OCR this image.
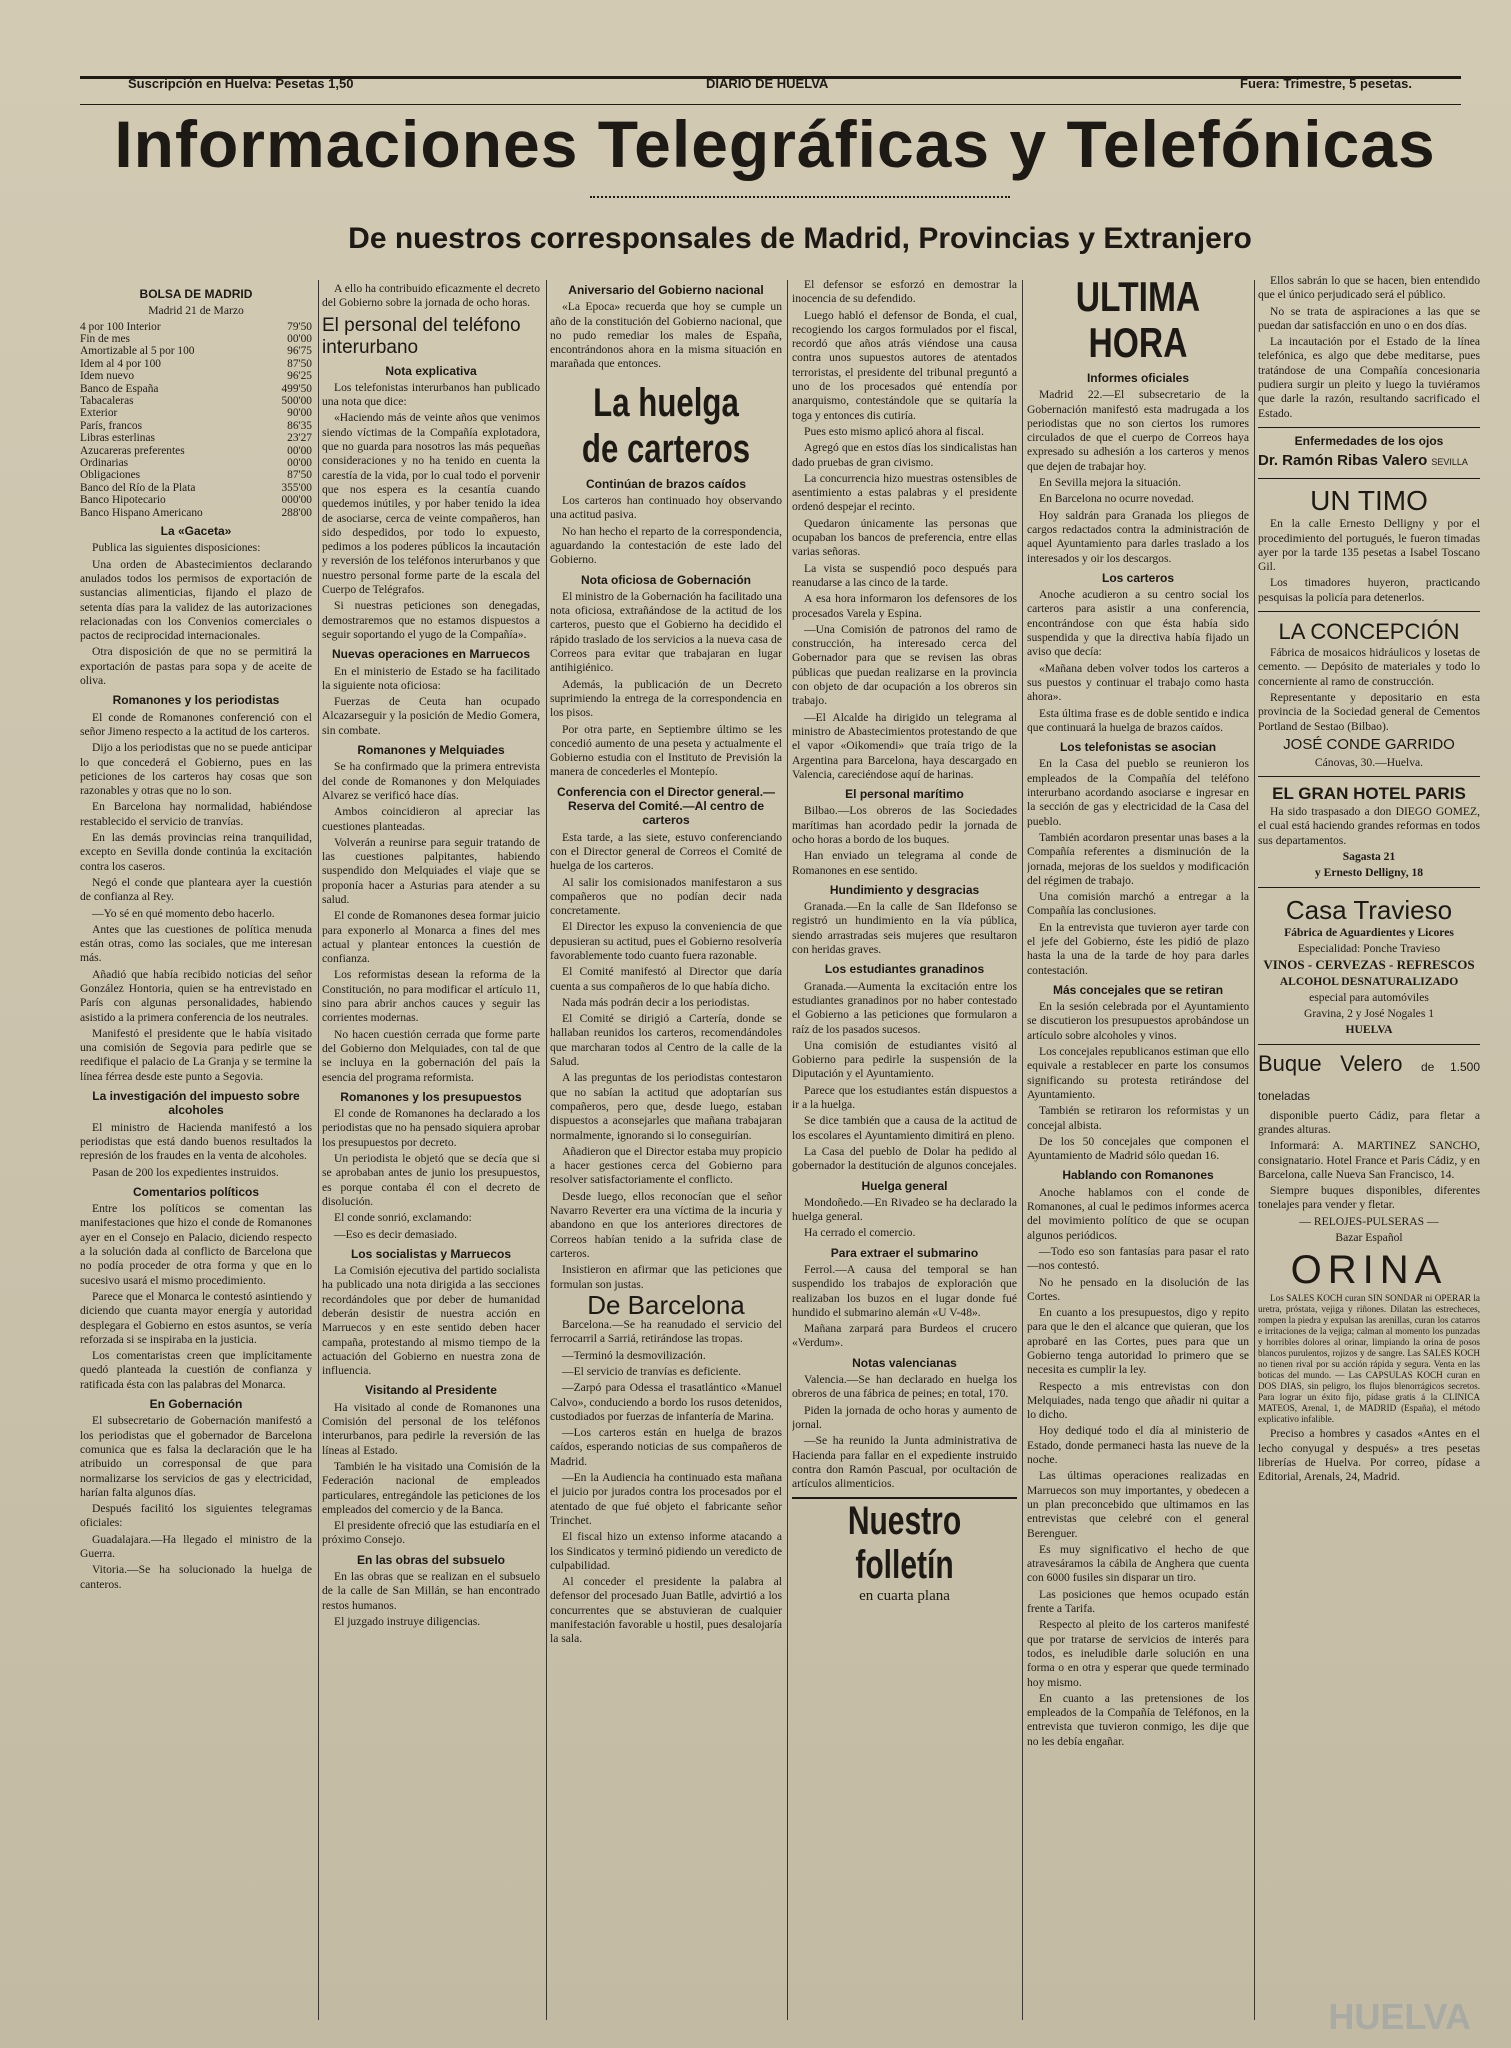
Suscripción en Huelva: Pesetas 1,50	DIARIO DE HUELVA	Fuera: Trimestre, 5 pesetas.
Informaciones Telegráficas y Telefónicas
De nuestros corresponsales de Madrid, Provincias y Extranjero
BOLSA DE MADRID

Madrid 21 de Marzo

4 por 100 Interior	79'50
Fin de mes	00'00
Amortizable al 5 por 100	96'75
Idem al 4 por 100	87'50
Idem nuevo	96'25
Banco de España	499'50
Tabacaleras	500'00
Exterior	90'00
París, francos	86'35
Libras esterlinas	23'27
Azucareras preferentes	00'00
Ordinarias	00'00
Obligaciones	87'50
Banco del Río de la Plata	355'00
Banco Hipotecario	000'00
Banco Hispano Americano	288'00
La «Gaceta»

Publica las siguientes disposiciones:

Una orden de Abastecimientos declarando anulados todos los permisos de exportación de sustancias alimenticias, fijando el plazo de setenta días para la validez de las autorizaciones relacionadas con los Convenios comerciales o pactos de reciprocidad internacionales.

Otra disposición de que no se permitirá la exportación de pastas para sopa y de aceite de oliva.

Romanones y los periodistas

El conde de Romanones conferenció con el señor Jimeno respecto a la actitud de los carteros.

Dijo a los periodistas que no se puede anticipar lo que concederá el Gobierno, pues en las peticiones de los carteros hay cosas que son razonables y otras que no lo son.

En Barcelona hay normalidad, habiéndose restablecido el servicio de tranvías.

En las demás provincias reina tranquilidad, excepto en Sevilla donde continúa la excitación contra los caseros.

Negó el conde que planteara ayer la cuestión de confianza al Rey.

—Yo sé en qué momento debo hacerlo.

Antes que las cuestiones de política menuda están otras, como las sociales, que me interesan más.

Añadió que había recibido noticias del señor González Hontoria, quien se ha entrevistado en París con algunas personalidades, habiendo asistido a la primera conferencia de los neutrales.

Manifestó el presidente que le había visitado una comisión de Segovia para pedirle que se reedifique el palacio de La Granja y se termine la línea férrea desde este punto a Segovia.

La investigación del impuesto sobre alcoholes

El ministro de Hacienda manifestó a los periodistas que está dando buenos resultados la represión de los fraudes en la venta de alcoholes.

Pasan de 200 los expedientes instruidos.

Comentarios políticos

Entre los políticos se comentan las manifestaciones que hizo el conde de Romanones ayer en el Consejo en Palacio, diciendo respecto a la solución dada al conflicto de Barcelona que no podía proceder de otra forma y que en lo sucesivo usará el mismo procedimiento.

Parece que el Monarca le contestó asintiendo y diciendo que cuanta mayor energía y autoridad desplegara el Gobierno en estos asuntos, se vería reforzada si se inspiraba en la justicia.

Los comentaristas creen que implícitamente quedó planteada la cuestión de confianza y ratificada ésta con las palabras del Monarca.

En Gobernación

El subsecretario de Gobernación manifestó a los periodistas que el gobernador de Barcelona comunica que es falsa la declaración que le ha atribuido un corresponsal de que para normalizarse los servicios de gas y electricidad, harían falta algunos días.

Después facilitó los siguientes telegramas oficiales:

Guadalajara.—Ha llegado el ministro de la Guerra.

Vitoria.—Se ha solucionado la huelga de canteros.

A ello ha contribuido eficazmente el decreto del Gobierno sobre la jornada de ocho horas.

El personal del teléfono interurbano
Nota explicativa

Los telefonistas interurbanos han publicado una nota que dice:

«Haciendo más de veinte años que venimos siendo víctimas de la Compañía explotadora, que no guarda para nosotros las más pequeñas consideraciones y no ha tenido en cuenta la carestía de la vida, por lo cual todo el porvenir que nos espera es la cesantía cuando quedemos inútiles, y por haber tenido la idea de asociarse, cerca de veinte compañeros, han sido despedidos, por todo lo expuesto, pedimos a los poderes públicos la incautación y reversión de los teléfonos interurbanos y que nuestro personal forme parte de la escala del Cuerpo de Telégrafos.

Si nuestras peticiones son denegadas, demostraremos que no estamos dispuestos a seguir soportando el yugo de la Compañía».

Nuevas operaciones en Marruecos

En el ministerio de Estado se ha facilitado la siguiente nota oficiosa:

Fuerzas de Ceuta han ocupado Alcazarseguir y la posición de Medio Gomera, sin combate.

Romanones y Melquiades

Se ha confirmado que la primera entrevista del conde de Romanones y don Melquiades Alvarez se verificó hace días.

Ambos coincidieron al apreciar las cuestiones planteadas.

Volverán a reunirse para seguir tratando de las cuestiones palpitantes, habiendo suspendido don Melquiades el viaje que se proponía hacer a Asturias para atender a su salud.

El conde de Romanones desea formar juicio para exponerlo al Monarca a fines del mes actual y plantear entonces la cuestión de confianza.

Los reformistas desean la reforma de la Constitución, no para modificar el artículo 11, sino para abrir anchos cauces y seguir las corrientes modernas.

No hacen cuestión cerrada que forme parte del Gobierno don Melquiades, con tal de que se incluya en la gobernación del país la esencia del programa reformista.

Romanones y los presupuestos

El conde de Romanones ha declarado a los periodistas que no ha pensado siquiera aprobar los presupuestos por decreto.

Un periodista le objetó que se decía que si se aprobaban antes de junio los presupuestos, es porque contaba él con el decreto de disolución.

El conde sonrió, exclamando:

—Eso es decir demasiado.

Los socialistas y Marruecos

La Comisión ejecutiva del partido socialista ha publicado una nota dirigida a las secciones recordándoles que por deber de humanidad deberán desistir de nuestra acción en Marruecos y en este sentido deben hacer campaña, protestando al mismo tiempo de la actuación del Gobierno en nuestra zona de influencia.

Visitando al Presidente

Ha visitado al conde de Romanones una Comisión del personal de los teléfonos interurbanos, para pedirle la reversión de las líneas al Estado.

También le ha visitado una Comisión de la Federación nacional de empleados particulares, entregándole las peticiones de los empleados del comercio y de la Banca.

El presidente ofreció que las estudiaría en el próximo Consejo.

En las obras del subsuelo

En las obras que se realizan en el subsuelo de la calle de San Millán, se han encontrado restos humanos.

El juzgado instruye diligencias.

Aniversario del Gobierno nacional

«La Epoca» recuerda que hoy se cumple un año de la constitución del Gobierno nacional, que no pudo remediar los males de España, encontrándonos ahora en la misma situación en marañada que entonces.

La huelga de carteros
Continúan de brazos caídos

Los carteros han continuado hoy observando una actitud pasiva.

No han hecho el reparto de la correspondencia, aguardando la contestación de este lado del Gobierno.

Nota oficiosa de Gobernación

El ministro de la Gobernación ha facilitado una nota oficiosa, extrañándose de la actitud de los carteros, puesto que el Gobierno ha decidido el rápido traslado de los servicios a la nueva casa de Correos para evitar que trabajaran en lugar antihigiénico.

Además, la publicación de un Decreto suprimiendo la entrega de la correspondencia en los pisos.

Por otra parte, en Septiembre último se les concedió aumento de una peseta y actualmente el Gobierno estudia con el Instituto de Previsión la manera de concederles el Montepío.

Conferencia con el Director general.—Reserva del Comité.—Al centro de carteros

Esta tarde, a las siete, estuvo conferenciando con el Director general de Correos el Comité de huelga de los carteros.

Al salir los comisionados manifestaron a sus compañeros que no podían decir nada concretamente.

El Director les expuso la conveniencia de que depusieran su actitud, pues el Gobierno resolvería favorablemente todo cuanto fuera razonable.

El Comité manifestó al Director que daría cuenta a sus compañeros de lo que había dicho.

Nada más podrán decir a los periodistas.

El Comité se dirigió a Cartería, donde se hallaban reunidos los carteros, recomendándoles que marcharan todos al Centro de la calle de la Salud.

A las preguntas de los periodistas contestaron que no sabían la actitud que adoptarían sus compañeros, pero que, desde luego, estaban dispuestos a aconsejarles que mañana trabajaran normalmente, ignorando si lo conseguirían.

Añadieron que el Director estaba muy propicio a hacer gestiones cerca del Gobierno para resolver satisfactoriamente el conflicto.

Desde luego, ellos reconocían que el señor Navarro Reverter era una víctima de la incuria y abandono en que los anteriores directores de Correos habían tenido a la sufrida clase de carteros.

Insistieron en afirmar que las peticiones que formulan son justas.

De Barcelona

Barcelona.—Se ha reanudado el servicio del ferrocarril a Sarriá, retirándose las tropas.

—Terminó la desmovilización.

—El servicio de tranvías es deficiente.

—Zarpó para Odessa el trasatlántico «Manuel Calvo», conduciendo a bordo los rusos detenidos, custodiados por fuerzas de infantería de Marina.

—Los carteros están en huelga de brazos caídos, esperando noticias de sus compañeros de Madrid.

—En la Audiencia ha continuado esta mañana el juicio por jurados contra los procesados por el atentado de que fué objeto el fabricante señor Trinchet.

El fiscal hizo un extenso informe atacando a los Sindicatos y terminó pidiendo un veredicto de culpabilidad.

Al conceder el presidente la palabra al defensor del procesado Juan Batlle, advirtió a los concurrentes que se abstuvieran de cualquier manifestación favorable u hostil, pues desalojaría la sala.

El defensor se esforzó en demostrar la inocencia de su defendido.

Luego habló el defensor de Bonda, el cual, recogiendo los cargos formulados por el fiscal, recordó que años atrás viéndose una causa contra unos supuestos autores de atentados terroristas, el presidente del tribunal preguntó a uno de los procesados qué entendía por anarquismo, contestándole que se quitaría la toga y entonces dis cutiría.

Pues esto mismo aplicó ahora al fiscal.

Agregó que en estos días los sindicalistas han dado pruebas de gran civismo.

La concurrencia hizo muestras ostensibles de asentimiento a estas palabras y el presidente ordenó despejar el recinto.

Quedaron únicamente las personas que ocupaban los bancos de preferencia, entre ellas varias señoras.

La vista se suspendió poco después para reanudarse a las cinco de la tarde.

A esa hora informaron los defensores de los procesados Varela y Espina.

—Una Comisión de patronos del ramo de construcción, ha interesado cerca del Gobernador para que se revisen las obras públicas que puedan realizarse en la provincia con objeto de dar ocupación a los obreros sin trabajo.

—El Alcalde ha dirigido un telegrama al ministro de Abastecimientos protestando de que el vapor «Oikomendi» que traía trigo de la Argentina para Barcelona, haya descargado en Valencia, careciéndose aquí de harinas.

El personal marítimo

Bilbao.—Los obreros de las Sociedades marítimas han acordado pedir la jornada de ocho horas a bordo de los buques.

Han enviado un telegrama al conde de Romanones en ese sentido.

Hundimiento y desgracias

Granada.—En la calle de San Ildefonso se registró un hundimiento en la vía pública, siendo arrastradas seis mujeres que resultaron con heridas graves.

Los estudiantes granadinos

Granada.—Aumenta la excitación entre los estudiantes granadinos por no haber contestado el Gobierno a las peticiones que formularon a raíz de los pasados sucesos.

Una comisión de estudiantes visitó al Gobierno para pedirle la suspensión de la Diputación y el Ayuntamiento.

Parece que los estudiantes están dispuestos a ir a la huelga.

Se dice también que a causa de la actitud de los escolares el Ayuntamiento dimitirá en pleno.

La Casa del pueblo de Dolar ha pedido al gobernador la destitución de algunos concejales.

Huelga general

Mondoñedo.—En Rivadeo se ha declarado la huelga general.

Ha cerrado el comercio.

Para extraer el submarino

Ferrol.—A causa del temporal se han suspendido los trabajos de exploración que realizaban los buzos en el lugar donde fué hundido el submarino alemán «U V-48».

Mañana zarpará para Burdeos el crucero «Verdum».

Notas valencianas

Valencia.—Se han declarado en huelga los obreros de una fábrica de peines; en total, 170.

Piden la jornada de ocho horas y aumento de jornal.

—Se ha reunido la Junta administrativa de Hacienda para fallar en el expediente instruido contra don Ramón Pascual, por ocultación de artículos alimenticios.

Nuestro folletín

en cuarta plana

ULTIMA HORA
Informes oficiales

Madrid 22.—El subsecretario de la Gobernación manifestó esta madrugada a los periodistas que no son ciertos los rumores circulados de que el cuerpo de Correos haya expresado su adhesión a los carteros y menos que dejen de trabajar hoy.

En Sevilla mejora la situación.

En Barcelona no ocurre novedad.

Hoy saldrán para Granada los pliegos de cargos redactados contra la administración de aquel Ayuntamiento para darles traslado a los interesados y oir los descargos.

Los carteros

Anoche acudieron a su centro social los carteros para asistir a una conferencia, encontrándose con que ésta había sido suspendida y que la directiva había fijado un aviso que decía:

«Mañana deben volver todos los carteros a sus puestos y continuar el trabajo como hasta ahora».

Esta última frase es de doble sentido e indica que continuará la huelga de brazos caídos.

Los telefonistas se asocian

En la Casa del pueblo se reunieron los empleados de la Compañía del teléfono interurbano acordando asociarse e ingresar en la sección de gas y electricidad de la Casa del pueblo.

También acordaron presentar unas bases a la Compañía referentes a disminución de la jornada, mejoras de los sueldos y modificación del régimen de trabajo.

Una comisión marchó a entregar a la Compañía las conclusiones.

En la entrevista que tuvieron ayer tarde con el jefe del Gobierno, éste les pidió de plazo hasta la una de la tarde de hoy para darles contestación.

Más concejales que se retiran

En la sesión celebrada por el Ayuntamiento se discutieron los presupuestos aprobándose un artículo sobre alcoholes y vinos.

Los concejales republicanos estiman que ello equivale a restablecer en parte los consumos significando su protesta retirándose del Ayuntamiento.

También se retiraron los reformistas y un concejal albista.

De los 50 concejales que componen el Ayuntamiento de Madrid sólo quedan 16.

Hablando con Romanones

Anoche hablamos con el conde de Romanones, al cual le pedimos informes acerca del movimiento político de que se ocupan algunos periódicos.

—Todo eso son fantasías para pasar el rato—nos contestó.

No he pensado en la disolución de las Cortes.

En cuanto a los presupuestos, digo y repito para que le den el alcance que quieran, que los aprobaré en las Cortes, pues para que un Gobierno tenga autoridad lo primero que se necesita es cumplir la ley.

Respecto a mis entrevistas con don Melquiades, nada tengo que añadir ni quitar a lo dicho.

Hoy dediqué todo el día al ministerio de Estado, donde permaneci hasta las nueve de la noche.

Las últimas operaciones realizadas en Marruecos son muy importantes, y obedecen a un plan preconcebido que ultimamos en las entrevistas que celebré con el general Berenguer.

Es muy significativo el hecho de que atravesáramos la cábila de Anghera que cuenta con 6000 fusiles sin disparar un tiro.

Las posiciones que hemos ocupado están frente a Tarifa.

Respecto al pleito de los carteros manifesté que por tratarse de servicios de interés para todos, es ineludible darle solución en una forma o en otra y esperar que quede terminado hoy mismo.

En cuanto a las pretensiones de los empleados de la Compañía de Teléfonos, en la entrevista que tuvieron conmigo, les dije que no les debía engañar.

Ellos sabrán lo que se hacen, bien entendido que el único perjudicado será el público.

No se trata de aspiraciones a las que se puedan dar satisfacción en uno o en dos días.

La incautación por el Estado de la línea telefónica, es algo que debe meditarse, pues tratándose de una Compañía concesionaria pudiera surgir un pleito y luego la tuviéramos que darle la razón, resultando sacrificado el Estado.

Enfermedades de los ojos
Dr. Ramón Ribas Valero SEVILLA
UN TIMO

En la calle Ernesto Delligny y por el procedimiento del portugués, le fueron timadas ayer por la tarde 135 pesetas a Isabel Toscano Gil.

Los timadores huyeron, practicando pesquisas la policía para detenerlos.

LA CONCEPCIÓN

Fábrica de mosaicos hidráulicos y losetas de cemento. — Depósito de materiales y todo lo concerniente al ramo de construcción.

Representante y depositario en esta provincia de la Sociedad general de Cementos Portland de Sestao (Bilbao).

JOSÉ CONDE GARRIDO

Cánovas, 30.—Huelva.

EL GRAN HOTEL PARIS

Ha sido traspasado a don DIEGO GOMEZ, el cual está haciendo grandes reformas en todos sus departamentos.

Sagasta 21

y Ernesto Delligny, 18

Casa Travieso

Fábrica de Aguardientes y Licores

Especialidad: Ponche Travieso

VINOS - CERVEZAS - REFRESCOS

ALCOHOL DESNATURALIZADO

especial para automóviles

Gravina, 2 y José Nogales 1

HUELVA

Buque Velero de 1.500 toneladas

disponible puerto Cádiz, para fletar a grandes alturas.

Informará: A. MARTINEZ SANCHO, consignatario. Hotel France et Paris Cádiz, y en Barcelona, calle Nueva San Francisco, 14.

Siempre buques disponibles, diferentes tonelajes para vender y fletar.

— RELOJES-PULSERAS —

Bazar Español

ORINA

Los SALES KOCH curan SIN SONDAR ni OPERAR la uretra, próstata, vejiga y riñones. Dilatan las estrecheces, rompen la piedra y expulsan las arenillas, curan los catarros e irritaciones de la vejiga; calman al momento los punzadas y horribles dolores al orinar, limpiando la orina de posos blancos purulentos, rojizos y de sangre. Las SALES KOCH no tienen rival por su acción rápida y segura. Venta en las boticas del mundo. — Las CAPSULAS KOCH curan en DOS DIAS, sin peligro, los flujos blenorrágicos secretos. Para lograr un éxito fijo, pídase gratis á la CLINICA MATEOS, Arenal, 1, de MADRID (España), el método explicativo infalible.

Preciso a hombres y casados «Antes en el lecho conyugal y después» a tres pesetas librerías de Huelva. Por correo, pídase a Editorial, Arenals, 24, Madrid.

HUELVA
